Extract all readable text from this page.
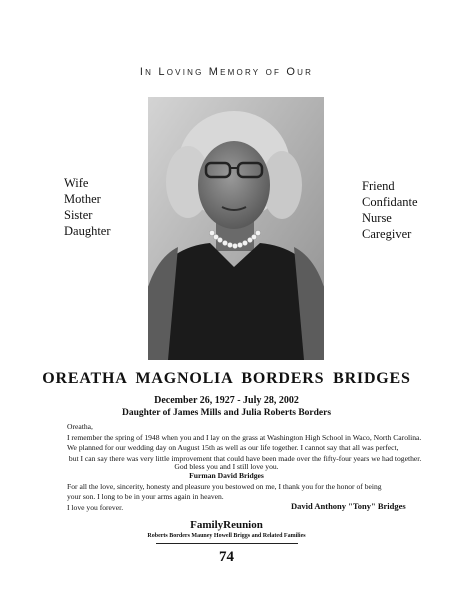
In Loving Memory of Our
Wife
Mother
Sister
Daughter
Friend
Confidante
Nurse
Caregiver
OREATHA MAGNOLIA BORDERS BRIDGES
December 26, 1927 - July 28, 2002
Daughter of James Mills and Julia Roberts Borders
Oreatha,
I remember the spring of 1948 when you and I lay on the grass at Washington High School in Waco, North Carolina.
We planned for our wedding day on August 15th as well as our life together. I cannot say that all was perfect,
but I can say there was very little improvement that could have been made over the fifty-four years we had together.
God bless you and I still love you.
Furman David Bridges
For all the love, sincerity, honesty and pleasure you bestowed on me, I thank you for the honor of being your son. I long to be in your arms again in heaven.
I love you forever.	David Anthony "Tony" Bridges
FamilyReunion
Roberts Borders Mauney Howell Briggs and Related Families
74
